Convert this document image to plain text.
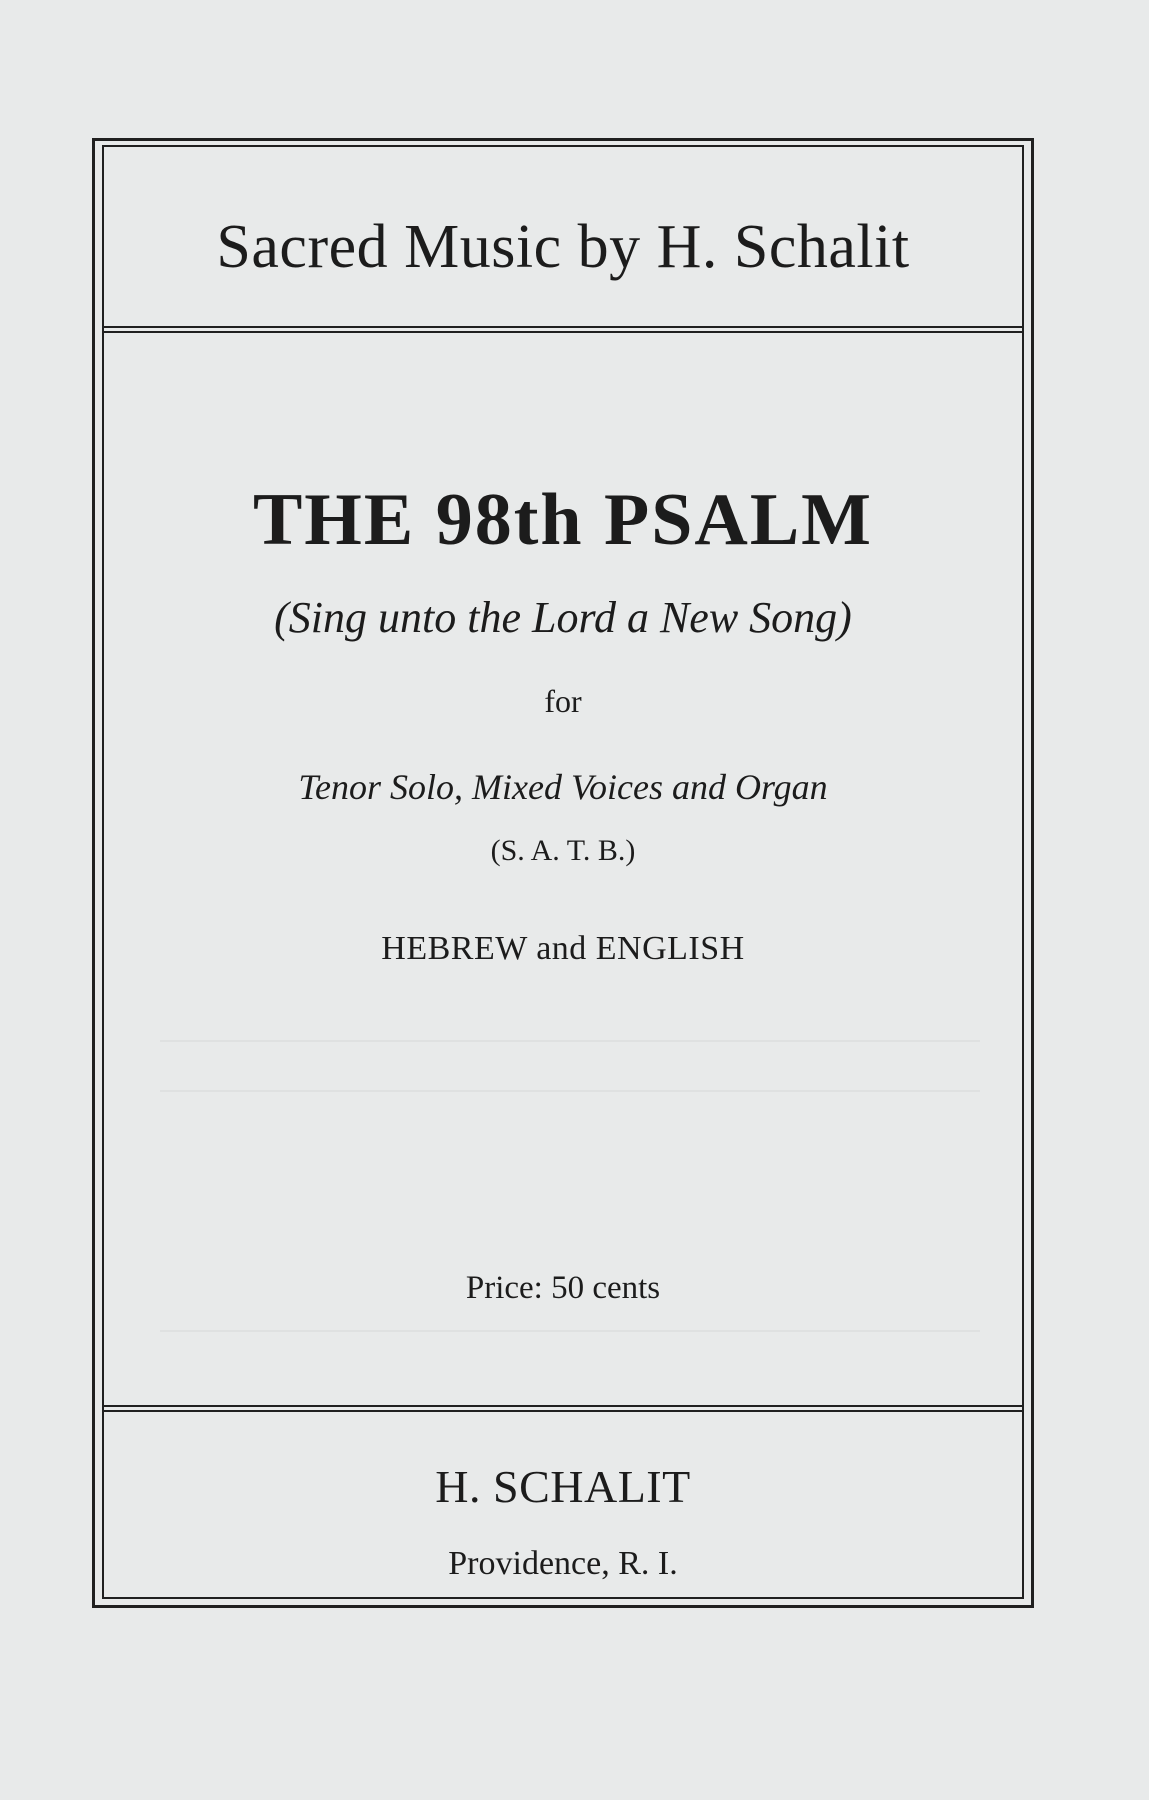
Sacred Music by H. Schalit
THE 98th PSALM
(Sing unto the Lord a New Song)
for
Tenor Solo, Mixed Voices and Organ
(S. A. T. B.)
HEBREW and ENGLISH
Price: 50 cents
H. SCHALIT
Providence, R. I.
